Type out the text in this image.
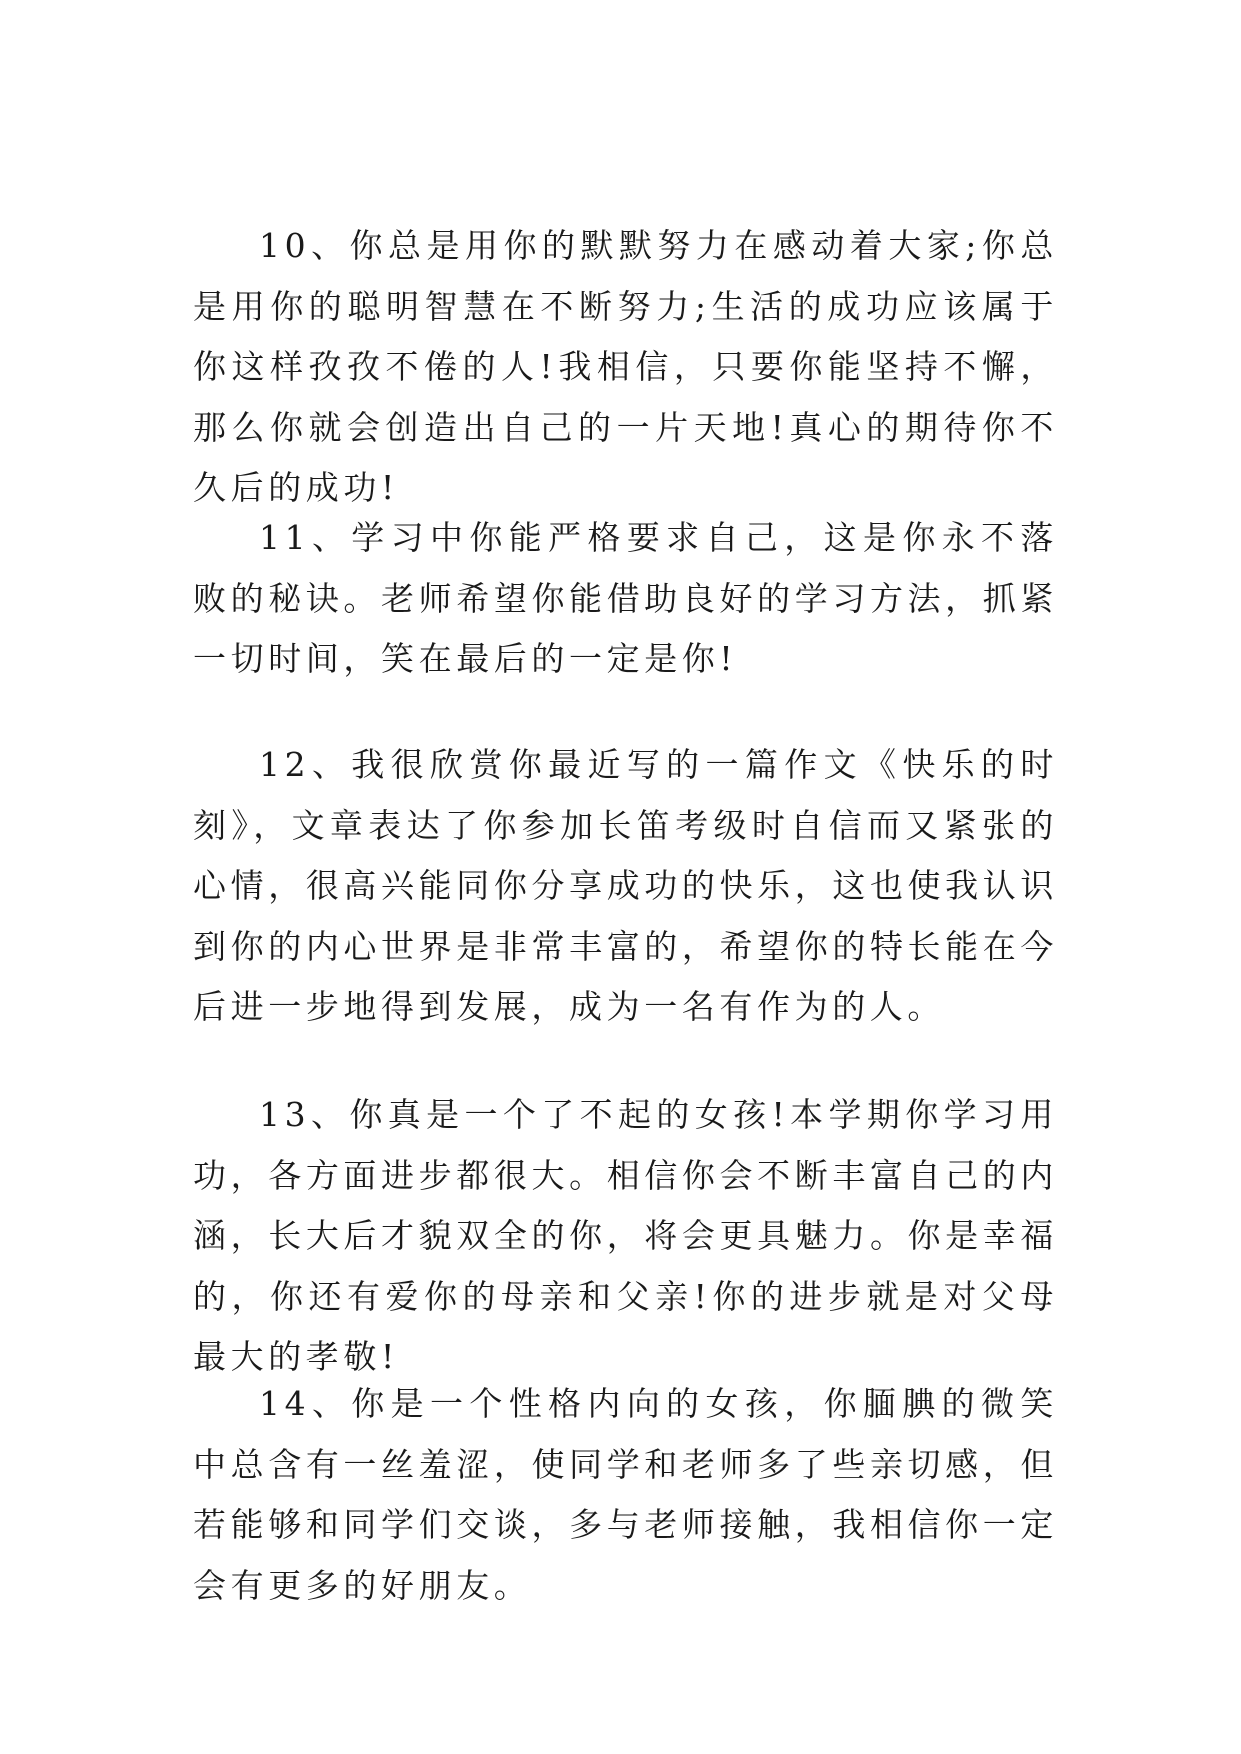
10、你总是用你的默默努力在感动着大家;你总是用你的聪明智慧在不断努力;生活的成功应该属于你这样孜孜不倦的人!我相信，只要你能坚持不懈，那么你就会创造出自己的一片天地!真心的期待你不久后的成功!

11、学习中你能严格要求自己，这是你永不落败的秘诀。老师希望你能借助良好的学习方法，抓紧一切时间，笑在最后的一定是你!

12、我很欣赏你最近写的一篇作文《快乐的时刻》，文章表达了你参加长笛考级时自信而又紧张的心情，很高兴能同你分享成功的快乐，这也使我认识到你的内心世界是非常丰富的，希望你的特长能在今后进一步地得到发展，成为一名有作为的人。

13、你真是一个了不起的女孩!本学期你学习用功，各方面进步都很大。相信你会不断丰富自己的内涵，长大后才貌双全的你，将会更具魅力。你是幸福的，你还有爱你的母亲和父亲!你的进步就是对父母最大的孝敬!

14、你是一个性格内向的女孩，你腼腆的微笑中总含有一丝羞涩，使同学和老师多了些亲切感，但若能够和同学们交谈，多与老师接触，我相信你一定会有更多的好朋友。
